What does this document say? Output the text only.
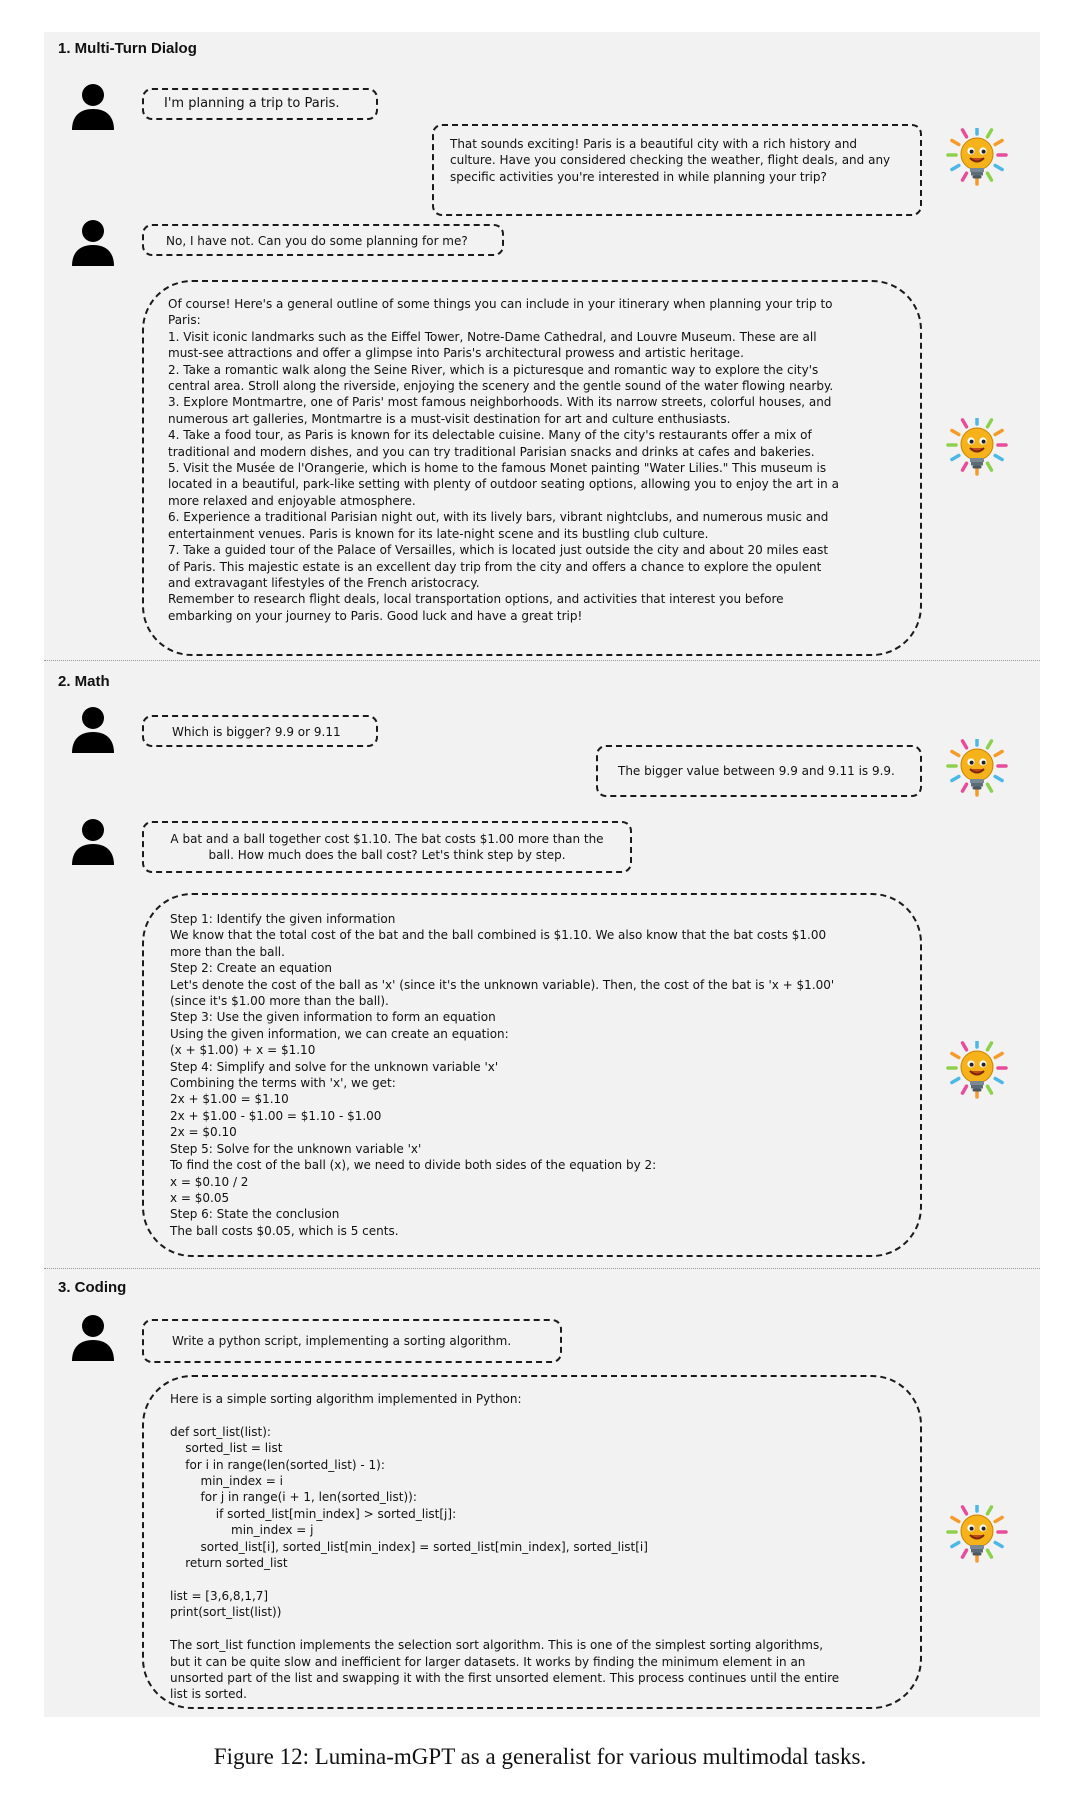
1. Multi-Turn Dialog
I'm planning a trip to Paris.
That sounds exciting! Paris is a beautiful city with a rich history and culture. Have you considered checking the weather, flight deals, and any specific activities you're interested in while planning your trip?
No, I have not. Can you do some planning for me?
Of course! Here's a general outline of some things you can include in your itinerary when planning your trip to
Paris:
1. Visit iconic landmarks such as the Eiffel Tower, Notre-Dame Cathedral, and Louvre Museum. These are all
must-see attractions and offer a glimpse into Paris's architectural prowess and artistic heritage.
2. Take a romantic walk along the Seine River, which is a picturesque and romantic way to explore the city's
central area. Stroll along the riverside, enjoying the scenery and the gentle sound of the water flowing nearby.
3. Explore Montmartre, one of Paris' most famous neighborhoods. With its narrow streets, colorful houses, and
numerous art galleries, Montmartre is a must-visit destination for art and culture enthusiasts.
4. Take a food tour, as Paris is known for its delectable cuisine. Many of the city's restaurants offer a mix of
traditional and modern dishes, and you can try traditional Parisian snacks and drinks at cafes and bakeries.
5. Visit the Musée de l'Orangerie, which is home to the famous Monet painting "Water Lilies." This museum is
located in a beautiful, park-like setting with plenty of outdoor seating options, allowing you to enjoy the art in a
more relaxed and enjoyable atmosphere.
6. Experience a traditional Parisian night out, with its lively bars, vibrant nightclubs, and numerous music and
entertainment venues. Paris is known for its late-night scene and its bustling club culture.
7. Take a guided tour of the Palace of Versailles, which is located just outside the city and about 20 miles east
of Paris. This majestic estate is an excellent day trip from the city and offers a chance to explore the opulent
and extravagant lifestyles of the French aristocracy.
Remember to research flight deals, local transportation options, and activities that interest you before
embarking on your journey to Paris. Good luck and have a great trip!
2. Math
Which is bigger? 9.9 or 9.11
The bigger value between 9.9 and 9.11 is 9.9.
A bat and a ball together cost $1.10. The bat costs $1.00 more than the ball. How much does the ball cost? Let's think step by step.
Step 1: Identify the given information
We know that the total cost of the bat and the ball combined is $1.10. We also know that the bat costs $1.00
more than the ball.
Step 2: Create an equation
Let's denote the cost of the ball as 'x' (since it's the unknown variable). Then, the cost of the bat is 'x + $1.00'
(since it's $1.00 more than the ball).
Step 3: Use the given information to form an equation
Using the given information, we can create an equation:
(x + $1.00) + x = $1.10
Step 4: Simplify and solve for the unknown variable 'x'
Combining the terms with 'x', we get:
2x + $1.00 = $1.10
2x + $1.00 - $1.00 = $1.10 - $1.00
2x = $0.10
Step 5: Solve for the unknown variable 'x'
To find the cost of the ball (x), we need to divide both sides of the equation by 2:
x = $0.10 / 2
x = $0.05
Step 6: State the conclusion
The ball costs $0.05, which is 5 cents.
3. Coding
Write a python script, implementing a sorting algorithm.
Here is a simple sorting algorithm implemented in Python:

def sort_list(list):
sorted_list = list
for i in range(len(sorted_list) - 1):
min_index = i
for j in range(i + 1, len(sorted_list)):
if sorted_list[min_index] > sorted_list[j]:
min_index = j
sorted_list[i], sorted_list[min_index] = sorted_list[min_index], sorted_list[i]
return sorted_list

list = [3,6,8,1,7]
print(sort_list(list))

The sort_list function implements the selection sort algorithm. This is one of the simplest sorting algorithms,
but it can be quite slow and inefficient for larger datasets. It works by finding the minimum element in an
unsorted part of the list and swapping it with the first unsorted element. This process continues until the entire
list is sorted.
Figure 12: Lumina-mGPT as a generalist for various multimodal tasks.
